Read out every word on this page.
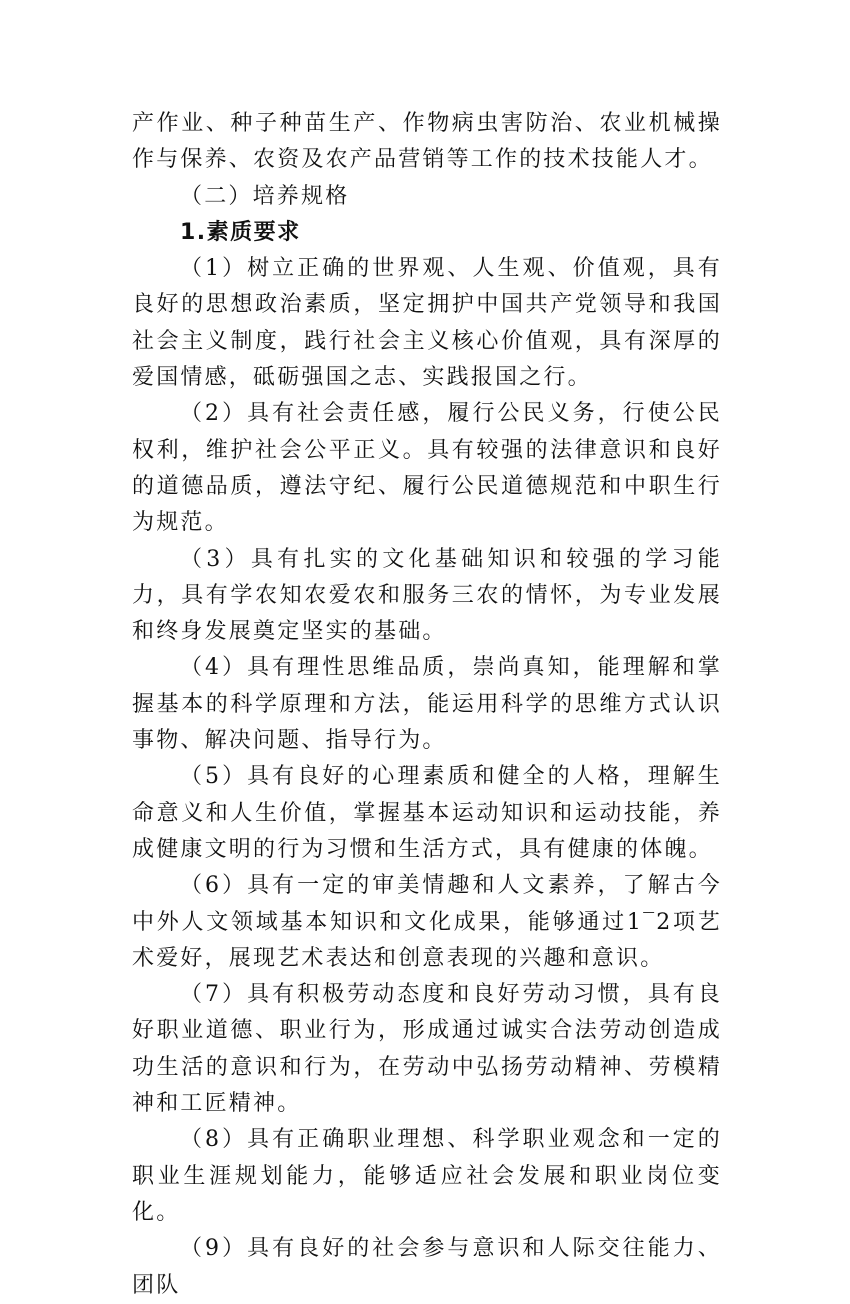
产作业、种子种苗生产、作物病虫害防治、农业机械操作与保养、农资及农产品营销等工作的技术技能人才。

（二）培养规格

1.素质要求

（1）树立正确的世界观、人生观、价值观，具有良好的思想政治素质，坚定拥护中国共产党领导和我国社会主义制度，践行社会主义核心价值观，具有深厚的爱国情感，砥砺强国之志、实践报国之行。

（2）具有社会责任感，履行公民义务，行使公民权利，维护社会公平正义。具有较强的法律意识和良好的道德品质，遵法守纪、履行公民道德规范和中职生行为规范。

（3）具有扎实的文化基础知识和较强的学习能力，具有学农知农爱农和服务三农的情怀，为专业发展和终身发展奠定坚实的基础。

（4）具有理性思维品质，崇尚真知，能理解和掌握基本的科学原理和方法，能运用科学的思维方式认识事物、解决问题、指导行为。

（5）具有良好的心理素质和健全的人格，理解生命意义和人生价值，掌握基本运动知识和运动技能，养成健康文明的行为习惯和生活方式，具有健康的体魄。

（6）具有一定的审美情趣和人文素养，了解古今中外人文领域基本知识和文化成果，能够通过1‾2项艺术爱好，展现艺术表达和创意表现的兴趣和意识。

（7）具有积极劳动态度和良好劳动习惯，具有良好职业道德、职业行为，形成通过诚实合法劳动创造成功生活的意识和行为，在劳动中弘扬劳动精神、劳模精神和工匠精神。

（8）具有正确职业理想、科学职业观念和一定的职业生涯规划能力，能够适应社会发展和职业岗位变化。

（9）具有良好的社会参与意识和人际交往能力、团队
